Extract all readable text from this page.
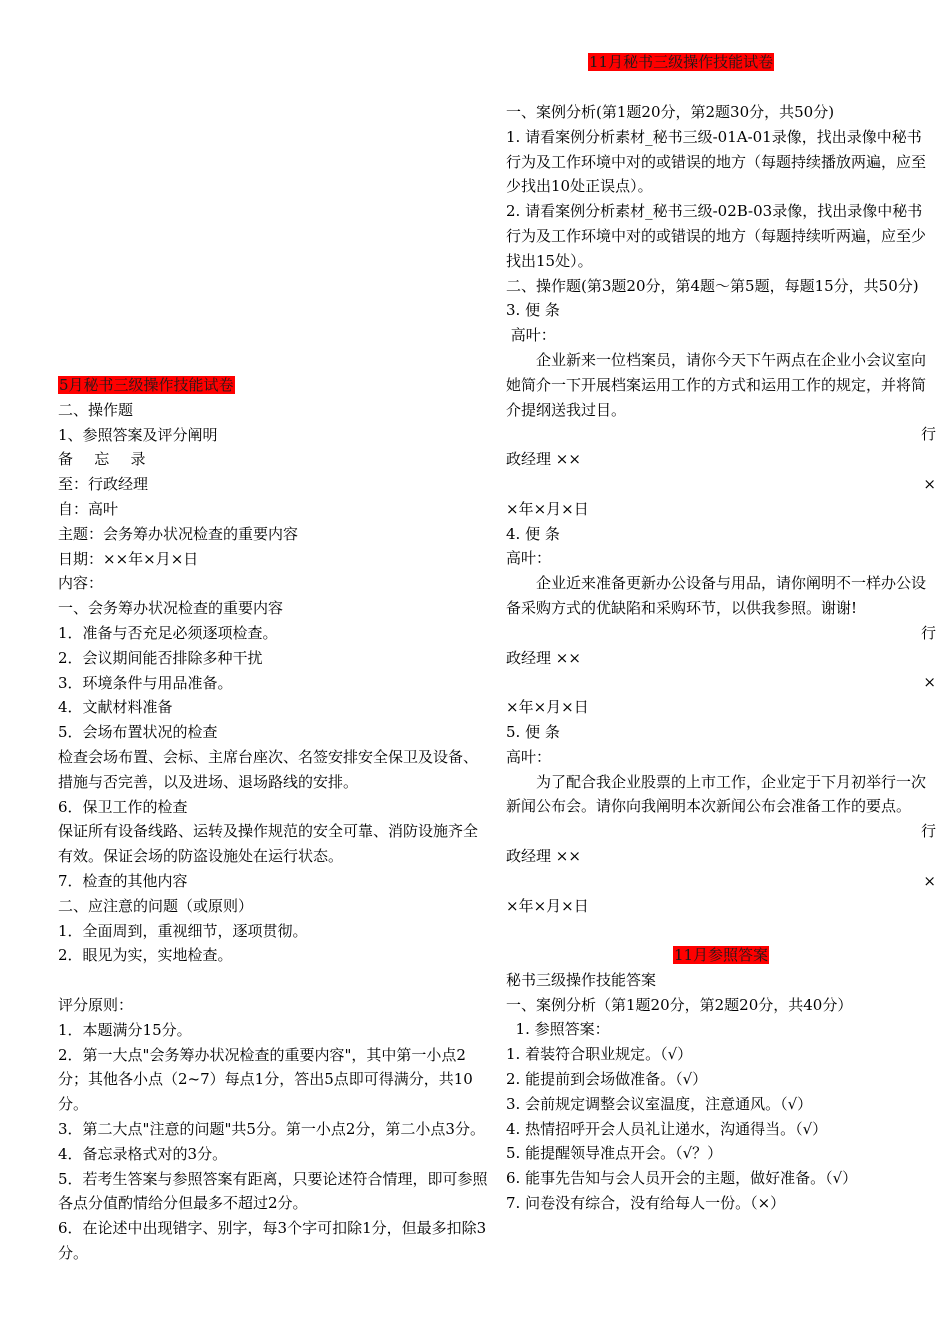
11月秘书三级操作技能试卷

5月秘书三级操作技能试卷

二、操作题

1、参照答案及评分阐明

备 忘 录

至：行政经理

自：高叶

主题：会务筹办状况检查的重要内容

日期：××年×月×日

内容：

一、会务筹办状况检查的重要内容

1．准备与否充足必须逐项检查。

2．会议期间能否排除多种干扰

3．环境条件与用品准备。

4．文献材料准备

5．会场布置状况的检查

检查会场布置、会标、主席台座次、名签安排安全保卫及设备、措施与否完善，以及进场、退场路线的安排。

6．保卫工作的检查

保证所有设备线路、运转及操作规范的安全可靠、消防设施齐全有效。保证会场的防盗设施处在运行状态。

7．检查的其他内容

二、应注意的问题（或原则）

1．全面周到，重视细节，逐项贯彻。

2．眼见为实，实地检查。

评分原则：

1．本题满分15分。

2．第一大点"会务筹办状况检查的重要内容"，其中第一小点2分；其他各小点（2~7）每点1分，答出5点即可得满分，共10分。

3．第二大点"注意的问题"共5分。第一小点2分，第二小点3分。

4．备忘录格式对的3分。

5．若考生答案与参照答案有距离，只要论述符合情理，即可参照各点分值酌情给分但最多不超过2分。

6．在论述中出现错字、别字，每3个字可扣除1分，但最多扣除3分。

一、案例分析(第1题20分，第2题30分，共50分)

1. 请看案例分析素材_秘书三级-01A-01录像，找出录像中秘书行为及工作环境中对的或错误的地方（每题持续播放两遍，应至少找出10处正误点）。

2. 请看案例分析素材_秘书三级-02B-03录像，找出录像中秘书行为及工作环境中对的或错误的地方（每题持续听两遍，应至少找出15处）。

二、操作题(第3题20分，第4题～第5题，每题15分，共50分)

3. 便 条

高叶：

企业新来一位档案员，请你今天下午两点在企业小会议室向她简介一下开展档案运用工作的方式和运用工作的规定，并将简介提纲送我过目。

行

政经理 ××

×

×年×月×日

4. 便 条

高叶：

企业近来准备更新办公设备与用品，请你阐明不一样办公设备采购方式的优缺陷和采购环节，以供我参照。谢谢!

行

政经理 ××

×

×年×月×日

5. 便 条

高叶：

为了配合我企业股票的上市工作，企业定于下月初举行一次新闻公布会。请你向我阐明本次新闻公布会准备工作的要点。

行

政经理 ××

×

×年×月×日

11月参照答案

秘书三级操作技能答案

一、案例分析（第1题20分，第2题20分，共40分）

1. 参照答案：

1. 着装符合职业规定。（√）

2. 能提前到会场做准备。（√）

3. 会前规定调整会议室温度，注意通风。（√）

4. 热情招呼开会人员礼让递水，沟通得当。（√）

5. 能提醒领导准点开会。（√？）

6. 能事先告知与会人员开会的主题，做好准备。（√）

7. 问卷没有综合，没有给每人一份。（×）
